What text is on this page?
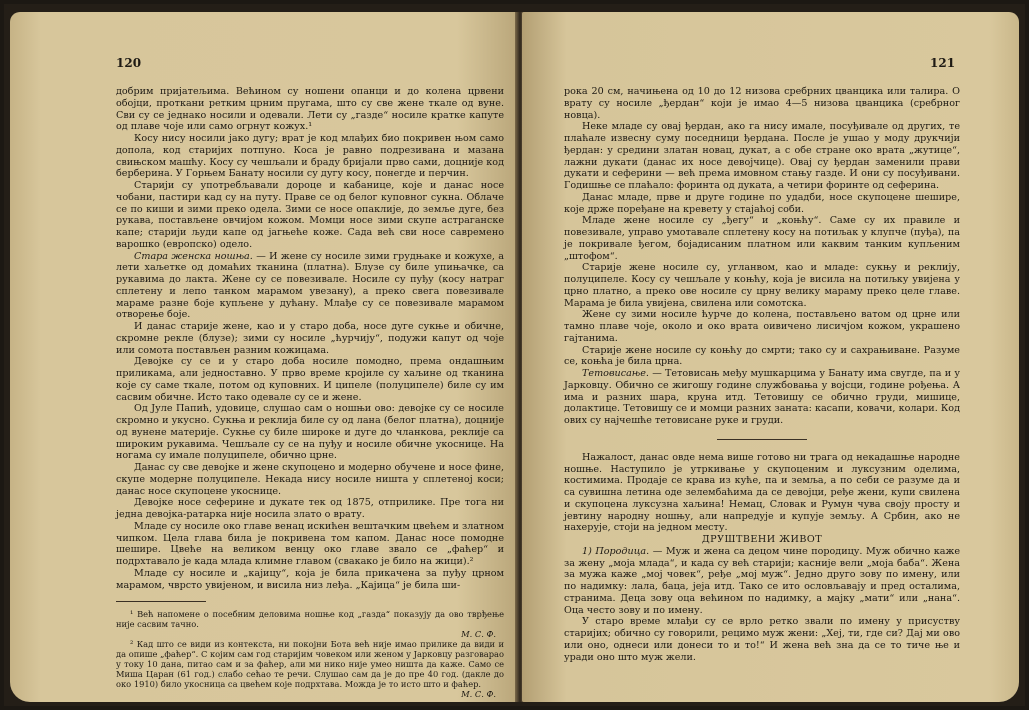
120

добрим пријатељима. Већином су ношени опанци и до колена црвени обојци, проткани ретким црним пругама, што су све жене ткале од вуне. Сви су се једнако носили и одевали. Лети су „газде“ носиле кратке капуте од плаве чоје или само огрнут кожух.¹

Косу нису носили јако дугу; врат је код млађих био покривен њом само допола, код старијих потпуно. Коса је равно подрезивана и мазана свињском машћу. Косу су чешљали и браду бријали прво сами, доцније код берберина. У Горњем Банату носили су дугу косу, понегде и перчин.

Старији су употребљавали дороце и кабанице, које и данас носе чобани, пастири кад су на путу. Праве се од белог куповног сукна. Облаче се по киши и зими преко одела. Зими се носе опаклије, до земље дуге, без рукава, постављене овчијом кожом. Момци носе зими скупе астраганске капе; старији људи капе од јагњеће коже. Сада већ сви носе савремено варошко (европско) одело.

Стара женска ношња. — И жене су носиле зими грудњаке и кожухе, а лети хаљетке од домаћих тканина (платна). Блузе су биле упињачке, са рукавима до лакта. Жене су се повезивале. Носиле су пуђу (косу натраг сплетену и лепо танком марамом увезану), а преко свега повезивале мараме разне боје купљене у дућану. Млађе су се повезивале марамом отворење боје.

И данас старије жене, као и у старо доба, носе дуге сукње и обичне, скромне реклe (блузе); зими су носиле „ћурчију“, подужи капут од чоје или сомота постављен разним кожицама.

Девојке су се и у старо доба носиле помодно, према ондашњим приликама, али једноставно. У прво време кројиле су хаљине од тканина које су саме ткале, потом од куповних. И ципеле (полуципеле) биле су им сасвим обичне. Исто тако одевале су се и жене.

Од Јуле Папић, удовице, слушао сам о ношњи ово: девојке су се носиле скромно и укусно. Сукња и реклија биле су од лана (белог платна), доцније од вунене материје. Сукње су биле широке и дуге до чланкова, реклије са широким рукавима. Чешљале су се на пуђу и носиле обичне укоснице. На ногама су имале полуципеле, обично црне.

Данас су све девојке и жене скупоцено и модерно обучене и носе фине, скупе модерне полуципеле. Некада нису носиле ништа у сплетеној коси; данас носе скупоцене укоснице.

Девојке носе сеферине и дукате тек од 1875, отприлике. Пре тога ни једна девојка-ратарка није носила злато о врату.

Младе су носиле око главе венац искићен вештачким цвећем и златном чипком. Цела глава била је покривена том капом. Данас носе помодне шешире. Цвеће на великом венцу око главе звало се „фаћер“ и подрхтавало је када млада климне главом (свакако је било на жици).²

Младе су носиле и „кајицу“, која је била прикачена за пуђу црном марамом, чврсто увијеном, и висила низ леђа. „Кајица“ је била ши-

¹ Већ напомене о посебним деловима ношње код „газда“ показују да ово тврђење није сасвим тачно.

М. С. Ф.

² Кад што се види из контекста, ни покојни Бота већ није имао прилике да види и да опише „фаћер“. С којим сам год старијим човеком или женом у Јарковцу разговарао у току 10 дана, питао сам и за фаћер, али ми нико није умео ништа да каже. Само се Миша Царан (61 год.) слабо сећао те речи. Слушао сам да је до пре 40 год. (дакле до око 1910) било укосница са цвећем које подрхтава. Можда је то исто што и фаћер.

М. С. Ф.
121

рока 20 см, начињена од 10 до 12 низова сребрних цванцика или талира. О врату су носиле „ђердан“ који је имао 4—5 низова цванцика (сребрног новца).

Неке младе су овај ђердан, ако га нису имале, посуђивале од других, те плаћале извесну суму поседници ђердана. После је ушао у моду друкчији ђердан: у средини златан новац, дукат, а с обе стране око врата „жутице“, лажни дукати (данас их носе девојчице). Овај су ђердан заменили прави дукати и сеферини — већ према имовном стању газде. И они су посуђивани. Годишње се плаћало: форинта од дуката, а четири форинте од сеферина.

Данас младе, прве и друге године по удадби, носе скупоцене шешире, које држе поређане на кревету у стајаћој соби.

Младе жене носиле су „ђегу“ и „коњћу“. Саме су их правиле и повезивале, управо умотавале сплетену косу на потиљак у клупче (пуђа), па је покривале ђегом, бојадисаним платном или каквим танким купљеним „штофом“.

Старије жене носиле су, угланвом, као и младе: сукњу и реклију, полуципеле. Косу су чешљале у коњћу, која је висила на потиљку увијена у црно платно, а преко ове носиле су црну велику мараму преко целе главе. Марама је била увијена, свилена или сомотска.

Жене су зими носиле ћурче до колена, постављено ватом од црне или тамно плаве чоје, около и око врата оивичено лисичјом кожом, украшено гајтанима.

Старије жене носиле су коњћу до смрти; тако су и сахрањиване. Разуме се, коњћа је била црна.

Тетовисање. — Тетовисањ међу мушкарцима у Банату има свугде, па и у Јарковцу. Обично се жигошу године службовања у војсци, године рођења. А има и разних шара, крунa итд. Тетовишу се обично груди, мишице, долактице. Тетовишу се и момци разних заната: касапи, ковачи, колари. Код ових су најчешће тетовисане руке и груди.

Нажалост, данас овде нема више готово ни трага од некадашње народне ношње. Наступило је утркивање у скупоценим и луксузним оделима, костимима. Продаје се крава из куће, па и земља, а по себи се разуме да и са сувишна летина оде зелембаћима да се девојци, ређе жени, купи свилена и скупоцена луксузна хаљина! Немац, Словак и Румун чува своју просту и јевтину народну ношњу, али напредује и купује земљу. А Србин, ако не нахерује, стоји на једном месту.

ДРУШТВЕНИ ЖИВОТ

1) Породица. — Муж и жена са децом чине породицу. Муж обично каже за жену „моја млада“, и када су већ старији; касније вели „моја баба“. Жена за мужа каже „мој човек“, ређе „мој муж“. Једно друго зову по имену, или по надимку: лала, баца, јеја итд. Тако се итo ословљавају и пред осталима, странима. Деца зову оца већином по надимку, а мајку „мати“ или „нана“. Оца често зову и по имену.

У старо време млађи су се врло ретко звали по имену у присуству старијих; обично су говорили, рецимо муж жени: „Хеј, ти, где си? Дај ми ово или оно, однеси или донеси то и то!“ И жена већ зна да се то тиче ње и уради оно што муж жели.
